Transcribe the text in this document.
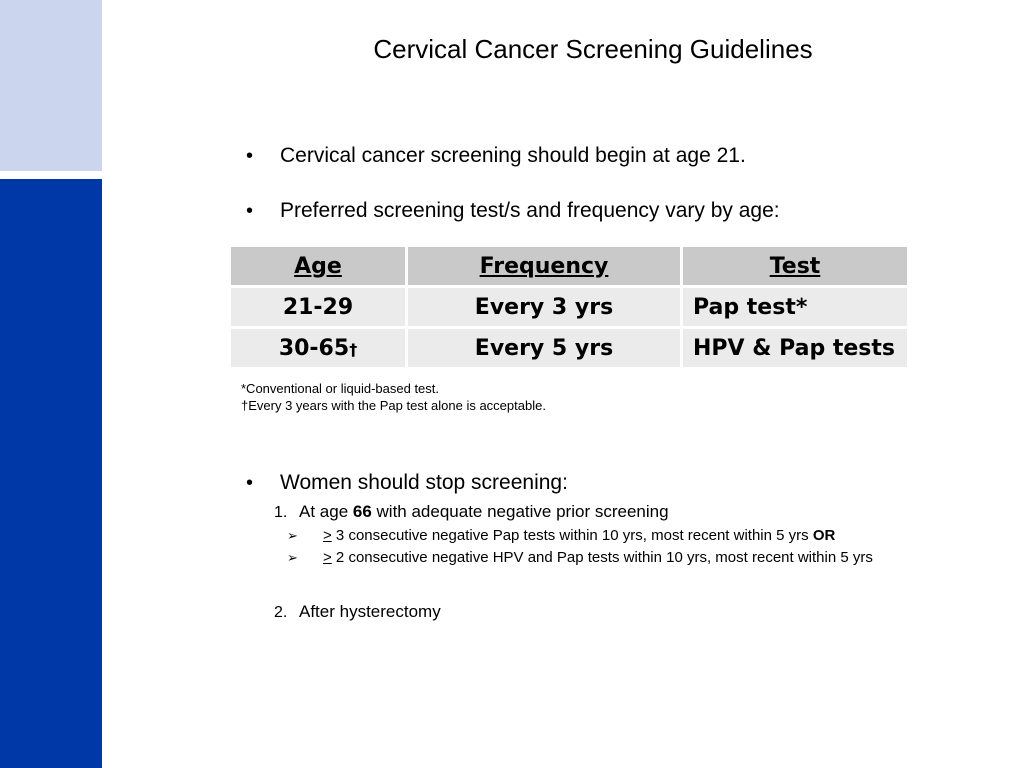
Cervical Cancer Screening Guidelines
• Cervical cancer screening should begin at age 21.
• Preferred screening test/s and frequency vary by age:
Age	Frequency	Test
21-29	Every 3 yrs	Pap test*
30-65†	Every 5 yrs	HPV & Pap tests
*Conventional or liquid-based test.
†Every 3 years with the Pap test alone is acceptable.
• Women should stop screening:
1. At age 66 with adequate negative prior screening
➢ ≥ 3 consecutive negative Pap tests within 10 yrs, most recent within 5 yrs OR
➢ ≥ 2 consecutive negative HPV and Pap tests within 10 yrs, most recent within 5 yrs
2. After hysterectomy
